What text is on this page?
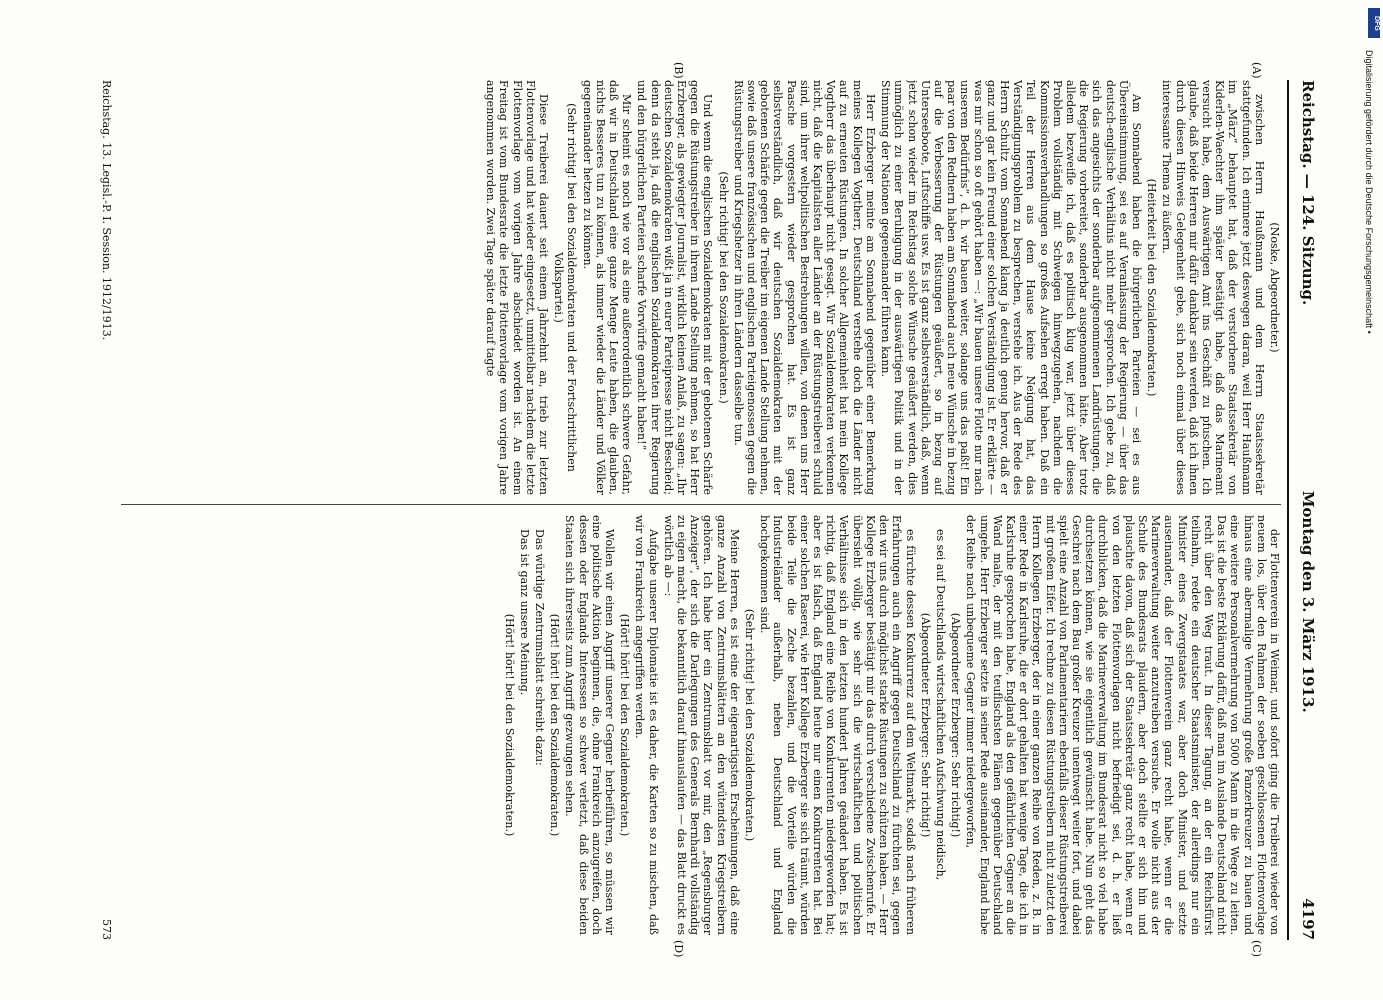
Reichstag. — 124. Sitzung.
Montag den 3. März 1913.
4197
(A)
(B)
(C)
(D)

(Noske, Abgeordneter.)

zwischen Herrn Haußmann und dem Herrn Staatssekretär stattgefunden. Ich erinnere jetzt deswegen daran, weil Herr Haußmann im „März“ behauptet hat, daß der verstorbene Staatssekretär von Kiderlen-Waechter ihm später bestätigt habe, daß das Marineamt versucht habe, dem Auswärtigen Amt ins Geschäft zu pfuschen. Ich glaube, daß beide Herren mir dafür dankbar sein werden, daß ich ihnen durch diesen Hinweis Gelegenheit gebe, sich noch einmal über dieses interessante Thema zu äußern.

(Heiterkeit bei den Sozialdemokraten.)

Am Sonnabend haben die bürgerlichen Parteien — sei es aus Übereinstimmung, sei es auf Veranlassung der Regierung — über das deutsch-englische Verhältnis nicht mehr gesprochen. Ich gebe zu, daß sich das angesichts der sonderbar aufgenommenen Landrüstungen, die die Regierung vorbereitet, sonderbar ausgenommen hätte. Aber trotz alledem bezweifle ich, daß es politisch klug war, jetzt über dieses Problem vollständig mit Schweigen hinwegzugehen, nachdem die Kommissionsverhandlungen so großes Aufsehen erregt haben. Daß ein Teil der Herren aus dem Hause keine Neigung hat, das Verständigungsproblem zu besprechen, verstehe ich. Aus der Rede des Herrn Schultz vom Sonnabend klang ja deutlich genug hervor, daß er ganz und gar kein Freund einer solchen Verständigung ist. Er erklärte — was mir schon so oft gehört haben —: „Wir bauen unsere Flotte nur nach unserem Bedürfnis“, d. h. wir bauen weiter, solange uns das paßt! Ein paar von den Rednern haben am Sonnabend auch neue Wünsche in bezug auf die Verbesserung der Rüstungen geäußert, so in bezug auf Unterseeboote, Luftschiffe usw. Es ist ganz selbstverständlich, daß, wenn jetzt schon wieder im Reichstag solche Wünsche geäußert werden, dies unmöglich zu einer Beruhigung in der auswärtigen Politik und in der Stimmung der Nationen gegeneinander führen kann.

Herr Erzberger meinte am Sonnabend gegenüber einer Bemerkung meines Kollegen Vogtherr, Deutschland verstehe doch die Länder nicht auf zu erneuten Rüstungen. In solcher Allgemeinheit hat mein Kollege Vogtherr das überhaupt nicht gesagt. Wir Sozialdemokraten verkennen nicht, daß die Kapitalisten aller Länder an der Rüstungstreiberei schuld sind, um ihrer weltpolitischen Bestrebungen willen, von denen uns Herr Paasche vorgestern wieder gesprochen hat. Es ist ganz selbstverständlich, daß wir deutschen Sozialdemokraten mit der gebotenen Schärfe gegen die Treiber im eigenen Lande Stellung nehmen, sowie daß unsere französischen und englischen Parteigenossen gegen die Rüstungstreiber und Kriegshetzer in ihren Ländern dasselbe tun.

(Sehr richtig! bei den Sozialdemokraten.)

Und wenn die englischen Sozialdemokraten mit der gebotenen Schärfe gegen die Rüstungstreiber in ihrem Lande Stellung nehmen, so hat Herr Erzberger, als gewiegter Journalist, wirklich keinen Anlaß, zu sagen: „Ihr deutschen Sozialdemokraten wißt ja in eurer Parteipresse nicht Bescheid; denn da steht ja, daß die englischen Sozialdemokraten ihrer Regierung und den bürgerlichen Parteien scharfe Vorwürfe gemacht haben!“

Mir scheint es noch wie vor als eine außerordentlich schwere Gefahr, daß wir in Deutschland eine ganze Menge Leute haben, die glauben, nichts Besseres tun zu können, als immer wieder die Länder und Völker gegeneinander hetzen zu können.

(Sehr richtig! bei den Sozialdemokraten und der Fortschrittlichen Volkspartei.)

Diese Treiberei dauert seit einem Jahrzehnt an, trieb zur letzten Flottenvorlage und hat wieder eingesetzt, unmittelbar nachdem die letzte Flottenvorlage vom vorigen Jahre abschiedet worden ist. An einem Freitag ist vom Bundesrate die letzte Flottenvorlage vom vorigen Jahre angenommen worden. Zwei Tage später darauf tagte

der Flottenverein in Weimar, und sofort ging die Treiberei wieder von neuem los, über den Rahmen der soeben geschlossenen Flottenvorlage hinaus eine abermalige Vermehrung große Panzerkreuzer zu bauen und eine weitere Personalvermehrung von 5000 Mann in die Wege zu leiten. Das ist die beste Erklärung dafür, daß man im Auslande Deutschland nicht recht über den Weg traut. In dieser Tagung, an der ein Reichsfürst teilnahm, redete ein deutscher Staatsminister, der allerdings nur ein Minister eines Zwergstaates war, aber doch Minister, und setzte auseinander, daß der Flottenverein ganz recht habe, wenn er die Marineverwaltung weiter anzutreiben versuche. Er wolle nicht aus der Schule des Bundesrats plaudern, aber doch stellte er sich hin und plauschte davon, daß sich der Staatssekretär ganz recht habe, wenn er von den letzten Flottenvorlagen nicht befriedigt sei, d. h. er ließ durchblicken, daß die Marineverwaltung im Bundesrat nicht so viel habe durchsetzen können, wie sie eigentlich gewünscht habe. Nun geht das Geschrei nach dem Bau großer Kreuzer unentwegt weiter fort, und dabei spielt eine Anzahl von Parlamentariern ebenfalls dieser Rüstungstreiberei mit großem Eifer. Ich rechne zu diesen Rüstungstreibern nicht zuletzt den Herrn Kollegen Erzberger, der in einer ganzen Reihe von Reden, z. B. in einer Rede in Karlsruhe, die er dort gehalten hat wenige Tage, die ich in Karlsruhe gesprochen habe, England als den gefährlichen Gegner an die Wand malte, der mit den teuflischsten Plänen gegenüber Deutschland umgehe. Herr Erzberger setzte in seiner Rede auseinander, England habe der Reihe nach unbequeme Gegner immer niedergeworfen,

(Abgeordneter Erzberger: Sehr richtig!)

es sei auf Deutschlands wirtschaftlichen Aufschwung neidisch,

(Abgeordneter Erzberger: Sehr richtig!)

es fürchte dessen Konkurrenz auf dem Weltmarkt, sodaß nach früheren Erfahrungen auch ein Angriff gegen Deutschland zu fürchten sei, gegen den wir uns durch möglichst starke Rüstungen zu schützen haben. — Herr Kollege Erzberger bestätigt mir das durch verschiedene Zwischenrufe. Er übersieht völlig, wie sehr sich die wirtschaftlichen und politischen Verhältnisse sich in den letzten hundert Jahren geändert haben. Es ist richtig, daß England eine Reihe von Konkurrenten niedergeworfen hat; aber es ist falsch, daß England heute nur einen Konkurrenten hat. Bei einer solchen Raserei, wie Herr Kollege Erzberger sie sich träumt, würden beide Teile die Zeche bezahlen, und die Vorteile würden die Industrieländer außerhalb, neben Deutschland und England hochgekommen sind.

(Sehr richtig! bei den Sozialdemokraten.)

Meine Herren, es ist eine der eigenartigsten Erscheinungen, daß eine ganze Anzahl von Zentrumsblättern an den wütendsten Kriegstreibern gehören. Ich habe hier ein Zentrumsblatt vor mir, den „Regensburger Anzeiger“, der sich die Darlegungen des Generals Bernhardi vollständig zu eigen macht, die bekanntlich darauf hinauslaufen — das Blatt druckt es wörtlich ab —:

Aufgabe unserer Diplomatie ist es daher, die Karten so zu mischen, daß wir von Frankreich angegriffen werden.

(Hört! hört! bei den Sozialdemokraten.)

Wollen wir einen Angriff unserer Gegner herbeiführen, so müssen wir eine politische Aktion beginnen, die, ohne Frankreich anzugreifen, doch dessen oder Englands Interessen so schwer verletzt, daß diese beiden Staaten sich ihrerseits zum Angriff gezwungen sehen.

(Hört! hört! bei den Sozialdemokraten.)

Das würdige Zentrumsblatt schreibt dazu:

Das ist ganz unsere Meinung.

(Hört! hört! bei den Sozialdemokraten.)

Reichstag. 13. Legisl.-P. I. Session. 1912/1913.
573
DFG
Digitalisierung gefördert durch die Deutsche Forschungsgemeinschaft •
